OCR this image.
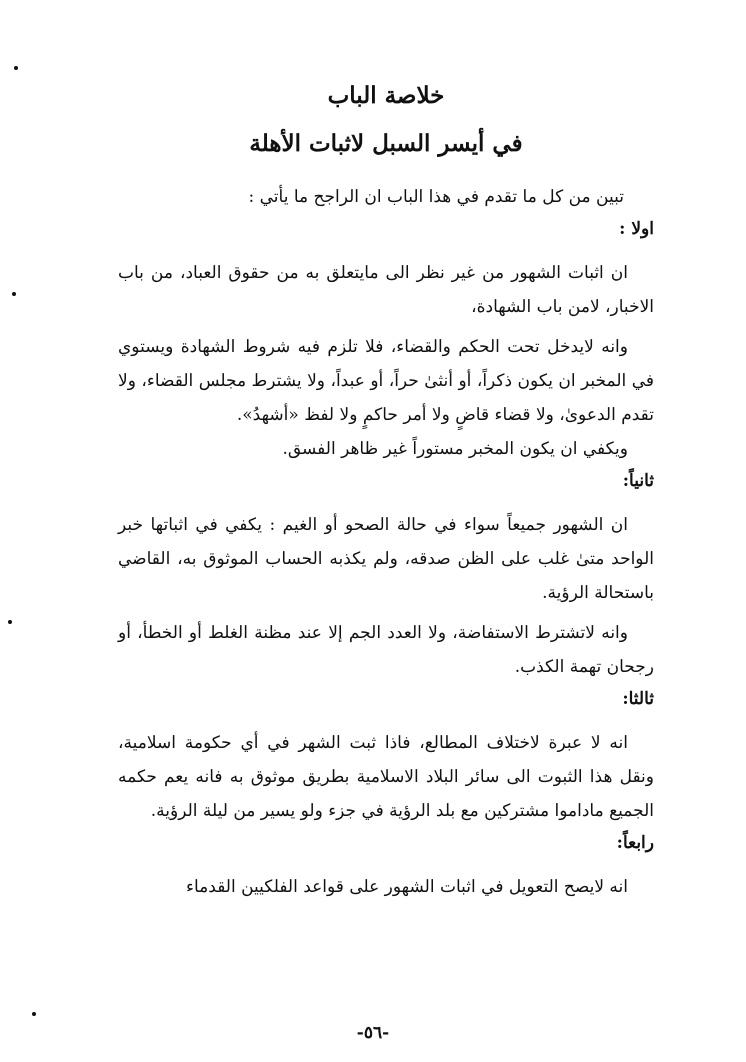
خلاصة الباب
في أيسر السبل لاثبات الأهلة

تبين من كل ما تقدم في هذا الباب ان الراجح ما يأتي :

اولا :

ان اثبات الشهور من غير نظر الى مايتعلق به من حقوق العباد، من باب الاخبار، لامن باب الشهادة،

وانه لايدخل تحت الحكم والقضاء، فلا تلزم فيه شروط الشهادة ويستوي في المخبر ان يكون ذكراً، أو أنثىٰ حراً، أو عبداً، ولا يشترط مجلس القضاء، ولا تقدم الدعوىٰ، ولا قضاء قاضٍ ولا أمر حاكمٍ ولا لفظ «أشهدُ».

ويكفي ان يكون المخبر مستوراً غير ظاهر الفسق.

ثانياً:

ان الشهور جميعاً سواء في حالة الصحو أو الغيم : يكفي في اثباتها خبر الواحد متىٰ غلب على الظن صدقه، ولم يكذبه الحساب الموثوق به، القاضي باستحالة الرؤية.

وانه لاتشترط الاستفاضة، ولا العدد الجم إلا عند مظنة الغلط أو الخطأ، أو رجحان تهمة الكذب.

ثالثا:

انه لا عبرة لاختلاف المطالع، فاذا ثبت الشهر في أي حكومة اسلامية، ونقل هذا الثبوت الى سائر البلاد الاسلامية بطريق موثوق به فانه يعم حكمه الجميع ماداموا مشتركين مع بلد الرؤية في جزء ولو يسير من ليلة الرؤية.

رابعاً:

انه لايصح التعويل في اثبات الشهور على قواعد الفلكيين القدماء

-٥٦-
